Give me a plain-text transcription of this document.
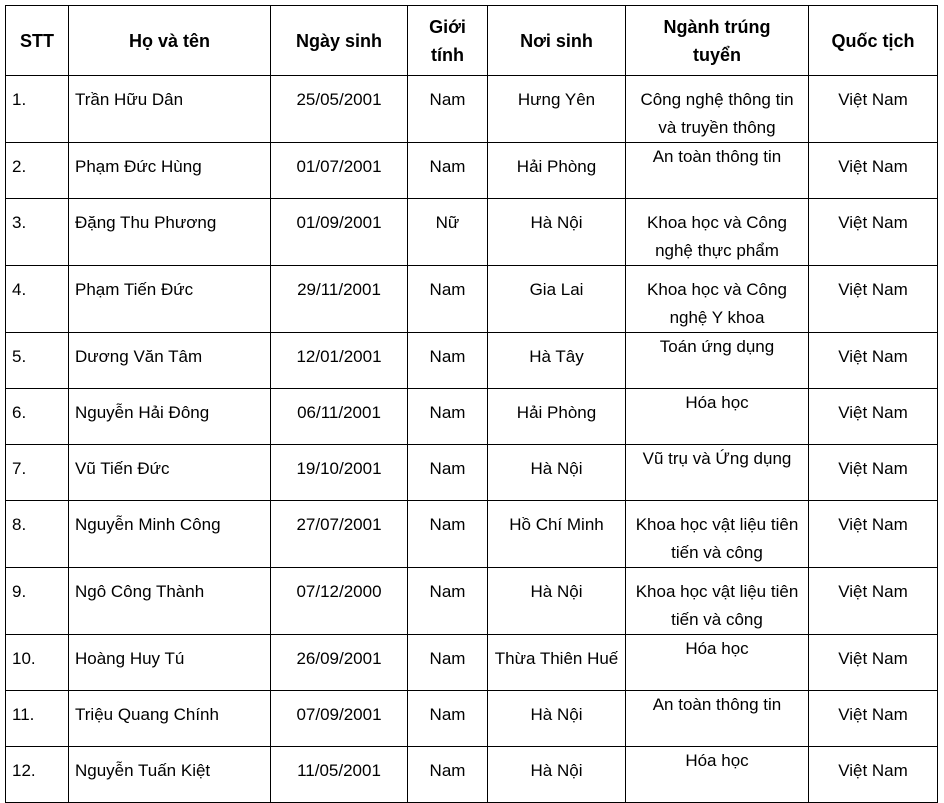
STT	Họ và tên	Ngày sinh	Giới tính	Nơi sinh	Ngành trúng tuyển	Quốc tịch
1.	Trần Hữu Dân	25/05/2001	Nam	Hưng Yên	Công nghệ thông tin và truyền thông	Việt Nam
2.	Phạm Đức Hùng	01/07/2001	Nam	Hải Phòng	An toàn thông tin	Việt Nam
3.	Đặng Thu Phương	01/09/2001	Nữ	Hà Nội	Khoa học và Công nghệ thực phẩm	Việt Nam
4.	Phạm Tiến Đức	29/11/2001	Nam	Gia Lai	Khoa học và Công nghệ Y khoa	Việt Nam
5.	Dương Văn Tâm	12/01/2001	Nam	Hà Tây	Toán ứng dụng	Việt Nam
6.	Nguyễn Hải Đông	06/11/2001	Nam	Hải Phòng	Hóa học	Việt Nam
7.	Vũ Tiến Đức	19/10/2001	Nam	Hà Nội	Vũ trụ và Ứng dụng	Việt Nam
8.	Nguyễn Minh Công	27/07/2001	Nam	Hồ Chí Minh	Khoa học vật liệu tiên tiến và công	Việt Nam
9.	Ngô Công Thành	07/12/2000	Nam	Hà Nội	Khoa học vật liệu tiên tiến và công	Việt Nam
10.	Hoàng Huy Tú	26/09/2001	Nam	Thừa Thiên Huế	Hóa học	Việt Nam
11.	Triệu Quang Chính	07/09/2001	Nam	Hà Nội	An toàn thông tin	Việt Nam
12.	Nguyễn Tuấn Kiệt	11/05/2001	Nam	Hà Nội	Hóa học	Việt Nam
